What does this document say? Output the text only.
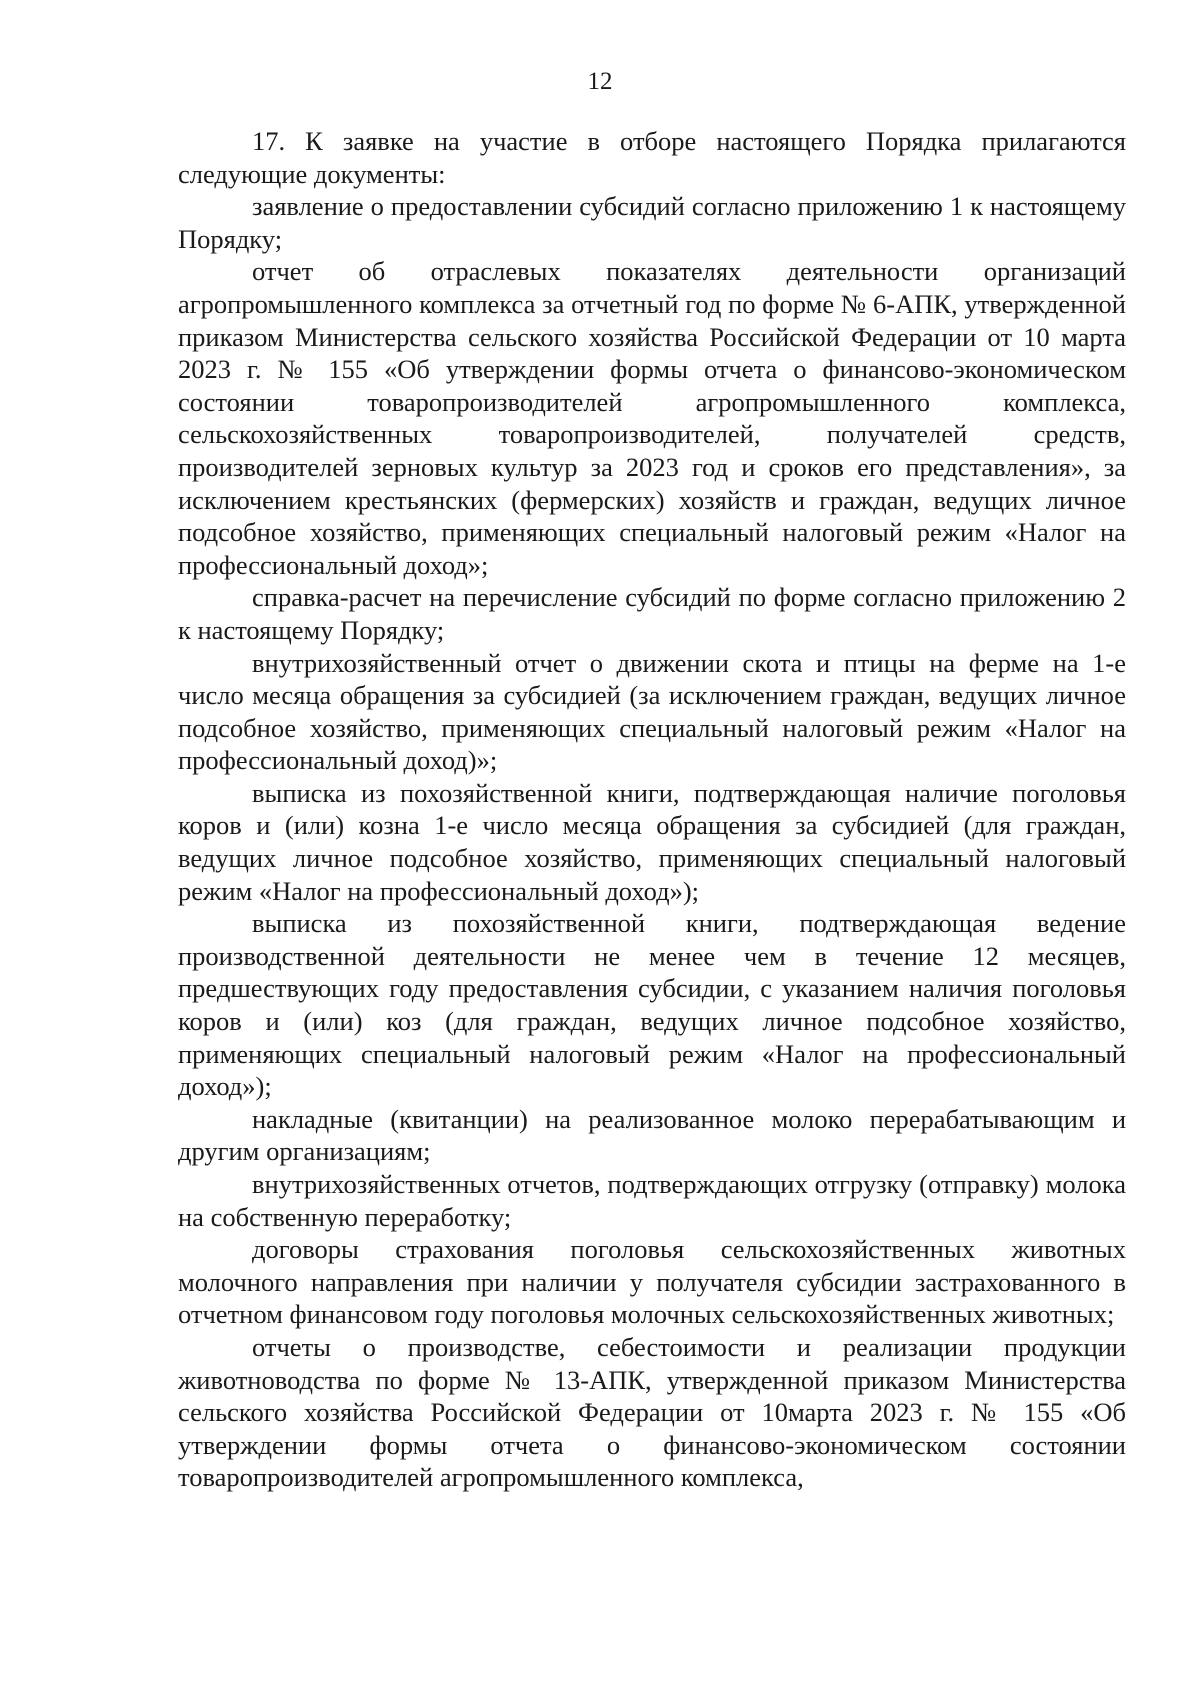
12

17. К заявке на участие в отборе настоящего Порядка прилагаются следующие документы:

заявление о предоставлении субсидий согласно приложению 1 к настоящему Порядку;

отчет об отраслевых показателях деятельности организаций агропромышленного комплекса за отчетный год по форме № 6-АПК, утвержденной приказом Министерства сельского хозяйства Российской Федерации от 10 марта 2023 г. № 155 «Об утверждении формы отчета о финансово-экономическом состоянии товаропроизводителей агропромышленного комплекса, сельскохозяйственных товаропроизводителей, получателей средств, производителей зерновых культур за 2023 год и сроков его представления», за исключением крестьянских (фермерских) хозяйств и граждан, ведущих личное подсобное хозяйство, применяющих специальный налоговый режим «Налог на профессиональный доход»;

справка-расчет на перечисление субсидий по форме согласно приложению 2 к настоящему Порядку;

внутрихозяйственный отчет о движении скота и птицы на ферме на 1-е число месяца обращения за субсидией (за исключением граждан, ведущих личное подсобное хозяйство, применяющих специальный налоговый режим «Налог на профессиональный доход)»;

выписка из похозяйственной книги, подтверждающая наличие поголовья коров и (или) козна 1-е число месяца обращения за субсидией (для граждан, ведущих личное подсобное хозяйство, применяющих специальный налоговый режим «Налог на профессиональный доход»);

выписка из похозяйственной книги, подтверждающая ведение производственной деятельности не менее чем в течение 12 месяцев, предшествующих году предоставления субсидии, с указанием наличия поголовья коров и (или) коз (для граждан, ведущих личное подсобное хозяйство, применяющих специальный налоговый режим «Налог на профессиональный доход»);

накладные (квитанции) на реализованное молоко перерабатывающим и другим организациям;

внутрихозяйственных отчетов, подтверждающих отгрузку (отправку) молока на собственную переработку;

договоры страхования поголовья сельскохозяйственных животных молочного направления при наличии у получателя субсидии застрахованного в отчетном финансовом году поголовья молочных сельскохозяйственных животных;

отчеты о производстве, себестоимости и реализации продукции животноводства по форме № 13-АПК, утвержденной приказом Министерства сельского хозяйства Российской Федерации от 10марта 2023 г. № 155 «Об утверждении формы отчета о финансово-экономическом состоянии товаропроизводителей агропромышленного комплекса,
